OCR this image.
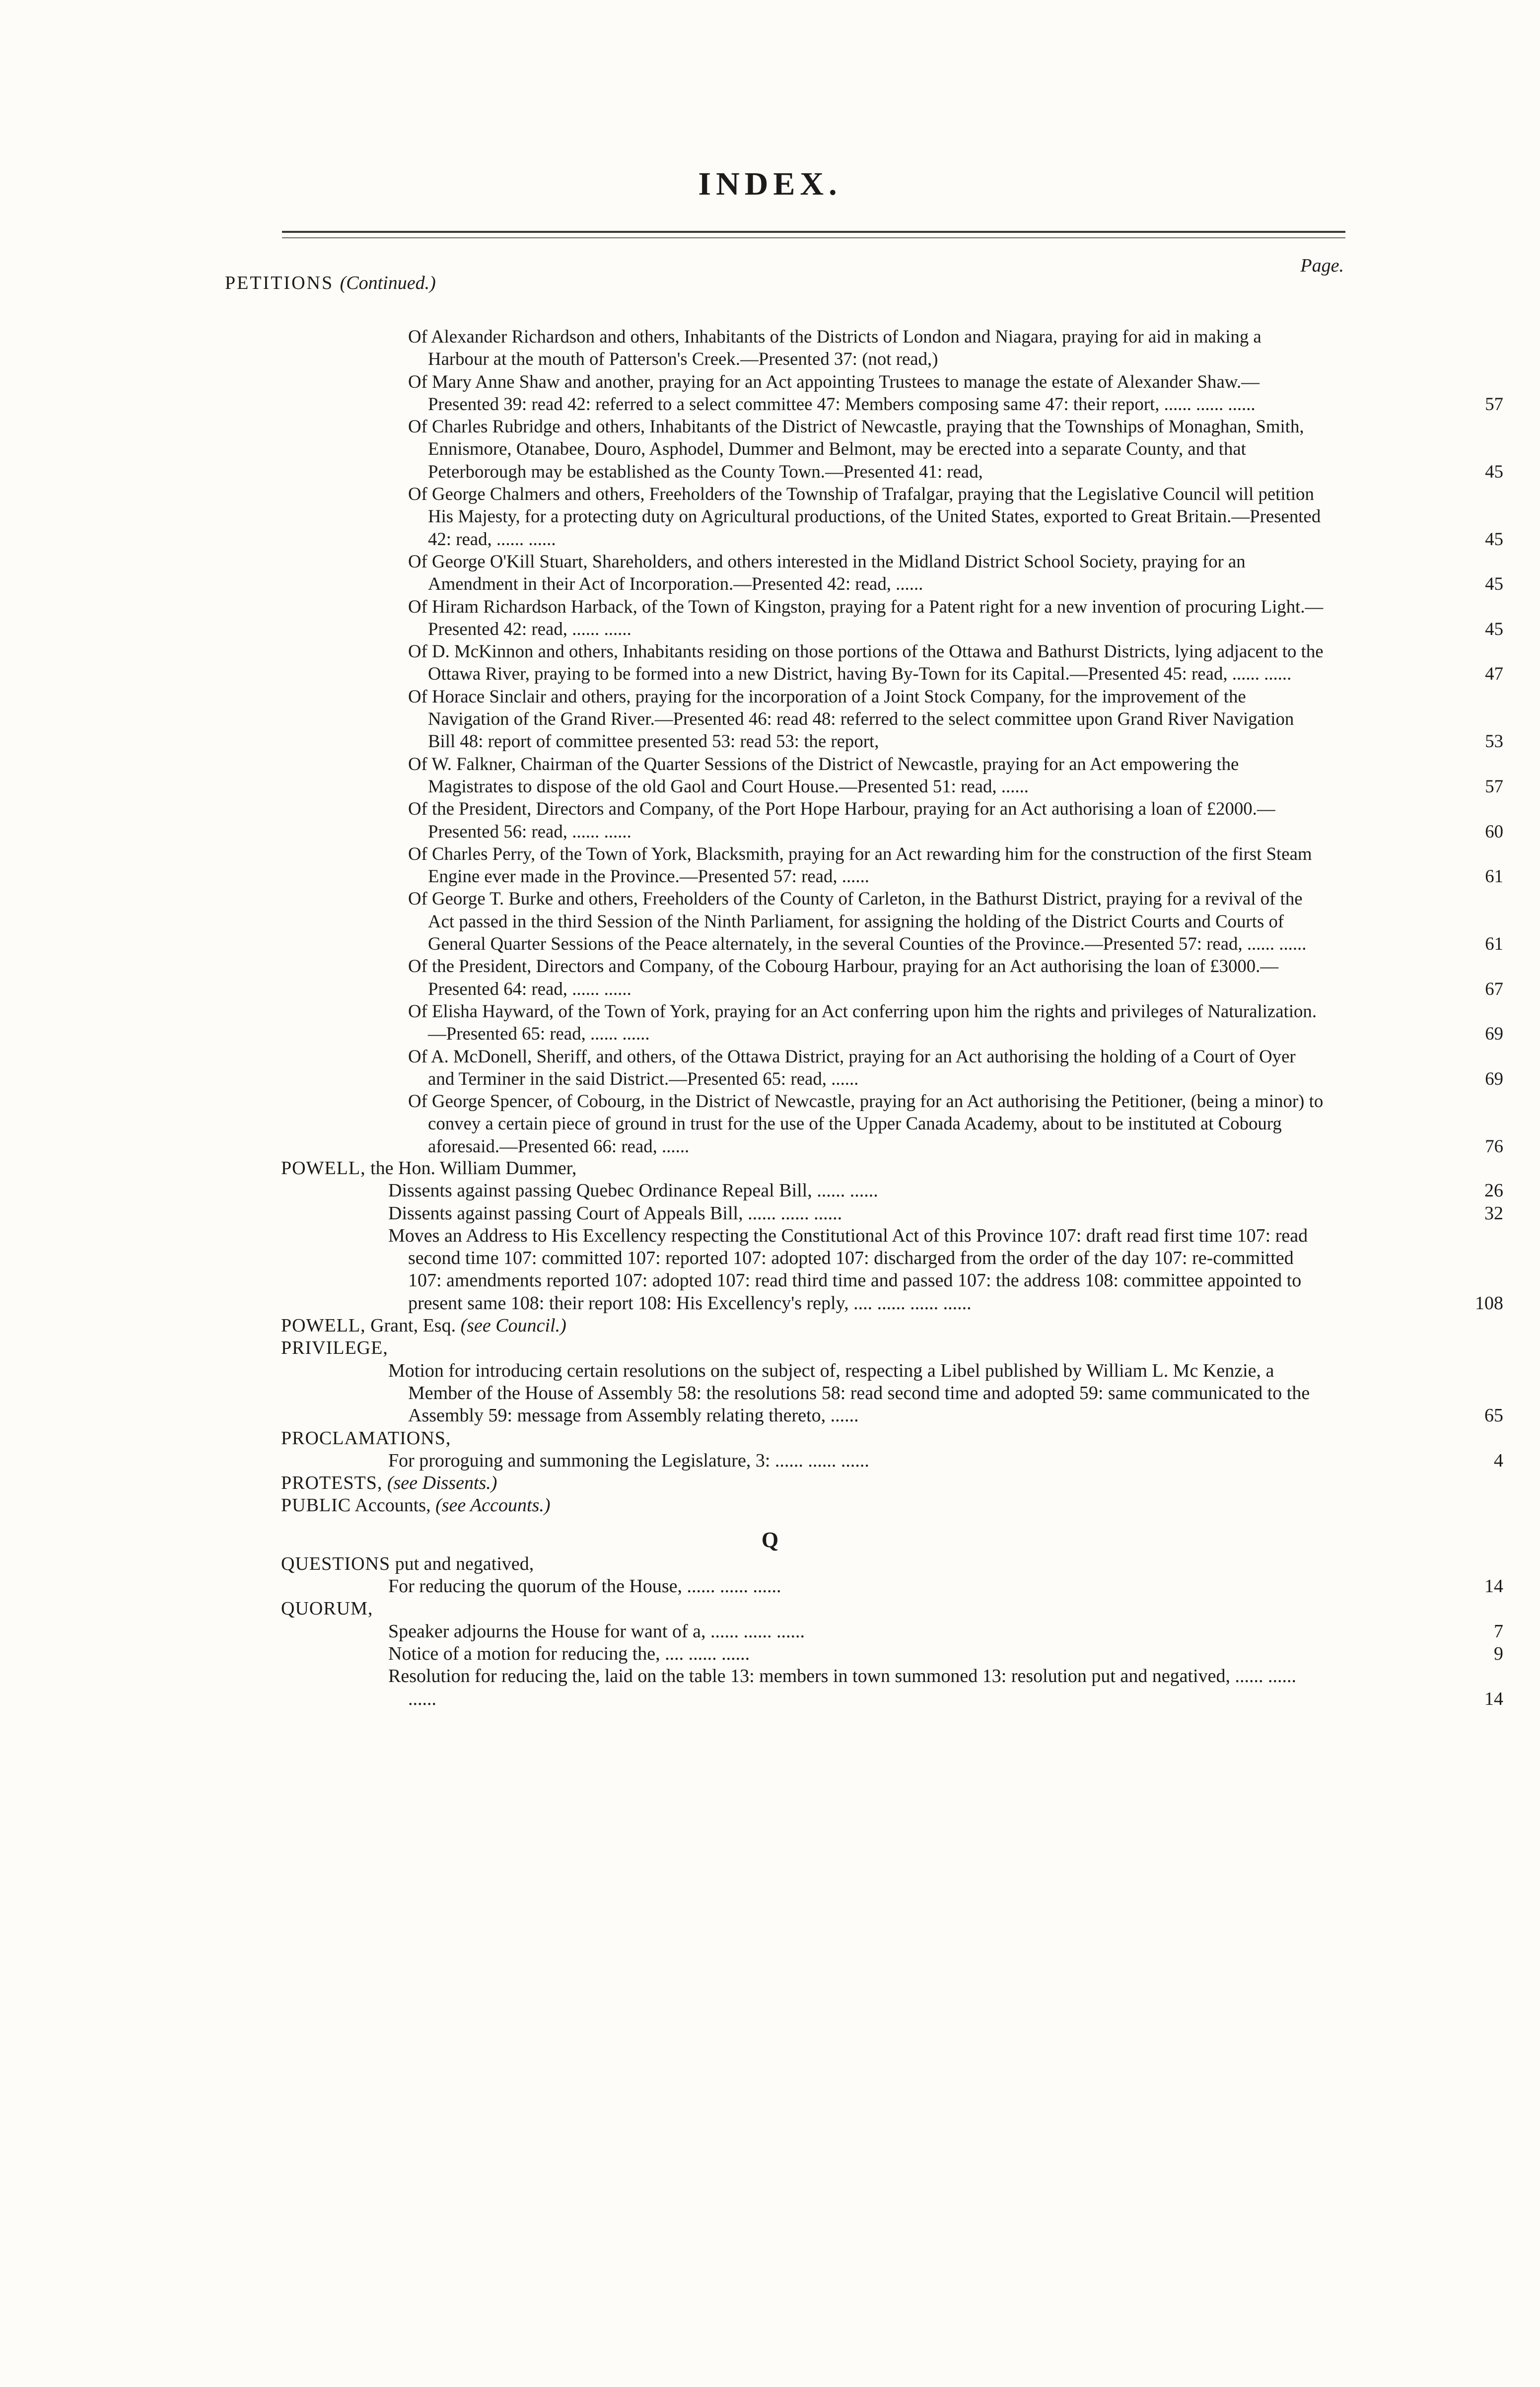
INDEX.
Page.
PETITIONS (Continued.)
Of Alexander Richardson and others, Inhabitants of the Districts of London and Niagara, praying for aid in making a Harbour at the mouth of Patterson's Creek.—Presented 37: (not read,)
Of Mary Anne Shaw and another, praying for an Act appointing Trustees to manage the estate of Alexander Shaw.—Presented 39: read 42: referred to a select committee 47: Members composing same 47: their report, ...... ...... ......	57
Of Charles Rubridge and others, Inhabitants of the District of Newcastle, praying that the Townships of Monaghan, Smith, Ennismore, Otanabee, Douro, Asphodel, Dummer and Belmont, may be erected into a separate County, and that Peterborough may be established as the County Town.—Presented 41: read,	45
Of George Chalmers and others, Freeholders of the Township of Trafalgar, praying that the Legislative Council will petition His Majesty, for a protecting duty on Agricultural productions, of the United States, exported to Great Britain.—Presented 42: read, ...... ......	45
Of George O'Kill Stuart, Shareholders, and others interested in the Midland District School Society, praying for an Amendment in their Act of Incorporation.—Presented 42: read, ......	45
Of Hiram Richardson Harback, of the Town of Kingston, praying for a Patent right for a new invention of procuring Light.—Presented 42: read, ...... ......	45
Of D. McKinnon and others, Inhabitants residing on those portions of the Ottawa and Bathurst Districts, lying adjacent to the Ottawa River, praying to be formed into a new District, having By-Town for its Capital.—Presented 45: read, ...... ......	47
Of Horace Sinclair and others, praying for the incorporation of a Joint Stock Company, for the improvement of the Navigation of the Grand River.—Presented 46: read 48: referred to the select committee upon Grand River Navigation Bill 48: report of committee presented 53: read 53: the report,	53
Of W. Falkner, Chairman of the Quarter Sessions of the District of Newcastle, praying for an Act empowering the Magistrates to dispose of the old Gaol and Court House.—Presented 51: read, ......	57
Of the President, Directors and Company, of the Port Hope Harbour, praying for an Act authorising a loan of £2000.—Presented 56: read, ...... ......	60
Of Charles Perry, of the Town of York, Blacksmith, praying for an Act rewarding him for the construction of the first Steam Engine ever made in the Province.—Presented 57: read, ......	61
Of George T. Burke and others, Freeholders of the County of Carleton, in the Bathurst District, praying for a revival of the Act passed in the third Session of the Ninth Parliament, for assigning the holding of the District Courts and Courts of General Quarter Sessions of the Peace alternately, in the several Counties of the Province.—Presented 57: read, ...... ......	61
Of the President, Directors and Company, of the Cobourg Harbour, praying for an Act authorising the loan of £3000.—Presented 64: read, ...... ......	67
Of Elisha Hayward, of the Town of York, praying for an Act conferring upon him the rights and privileges of Naturalization.—Presented 65: read, ...... ......	69
Of A. McDonell, Sheriff, and others, of the Ottawa District, praying for an Act authorising the holding of a Court of Oyer and Terminer in the said District.—Presented 65: read, ......	69
Of George Spencer, of Cobourg, in the District of Newcastle, praying for an Act authorising the Petitioner, (being a minor) to convey a certain piece of ground in trust for the use of the Upper Canada Academy, about to be instituted at Cobourg aforesaid.—Presented 66: read, ......	76
POWELL, the Hon. William Dummer,
Dissents against passing Quebec Ordinance Repeal Bill, ...... ......	26
Dissents against passing Court of Appeals Bill, ...... ...... ......	32
Moves an Address to His Excellency respecting the Constitutional Act of this Province 107: draft read first time 107: read second time 107: committed 107: reported 107: adopted 107: discharged from the order of the day 107: re-committed 107: amendments reported 107: adopted 107: read third time and passed 107: the address 108: committee appointed to present same 108: their report 108: His Excellency's reply, .... ...... ...... ......	108
POWELL, Grant, Esq. (see Council.)
PRIVILEGE,
Motion for introducing certain resolutions on the subject of, respecting a Libel published by William L. Mc Kenzie, a Member of the House of Assembly 58: the resolutions 58: read second time and adopted 59: same communicated to the Assembly 59: message from Assembly relating thereto, ......	65
PROCLAMATIONS,
For proroguing and summoning the Legislature, 3: ...... ...... ......	4
PROTESTS, (see Dissents.)
PUBLIC Accounts, (see Accounts.)
Q
QUESTIONS put and negatived,
For reducing the quorum of the House, ...... ...... ......	14
QUORUM,
Speaker adjourns the House for want of a, ...... ...... ......	7
Notice of a motion for reducing the, .... ...... ......	9
Resolution for reducing the, laid on the table 13: members in town summoned 13: resolution put and negatived, ...... ...... ......	14
